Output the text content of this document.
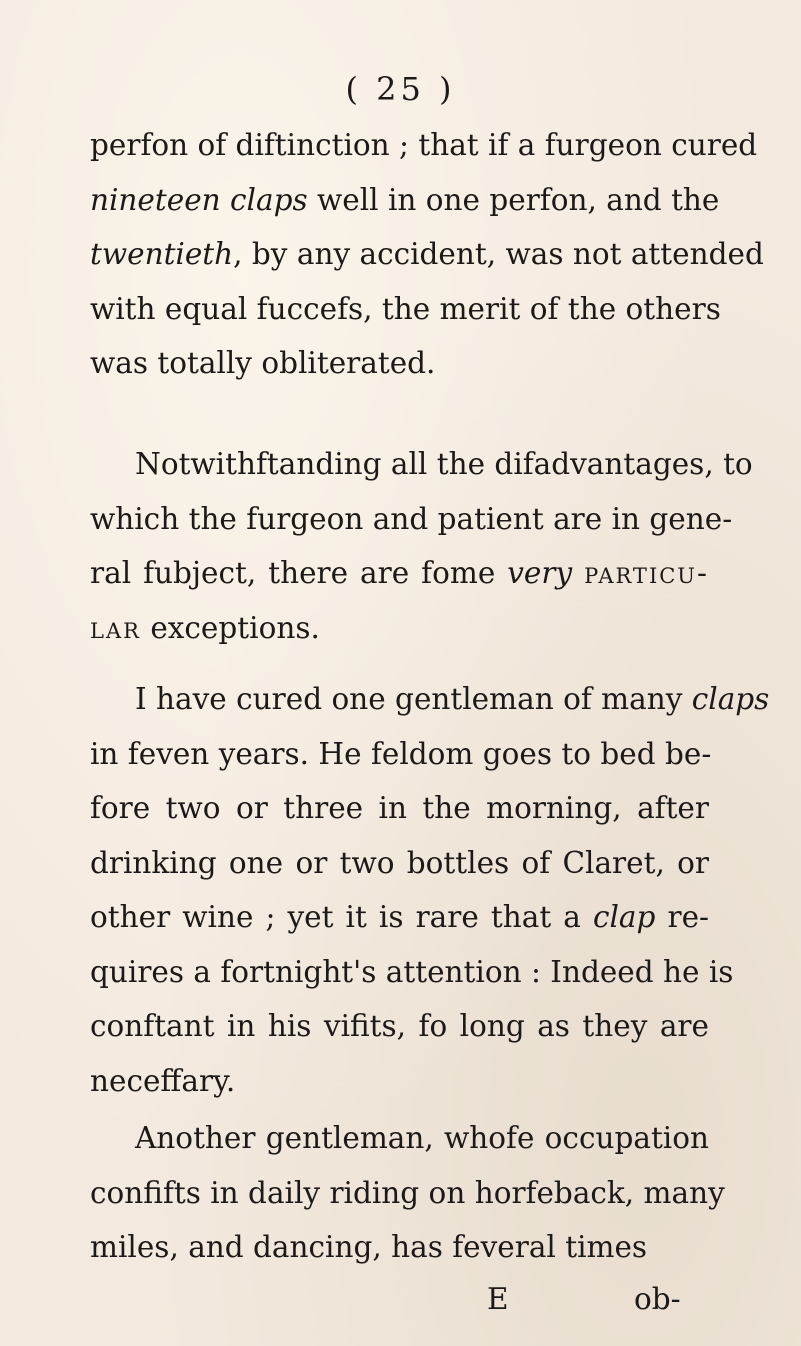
( 25 )
perfon of diftinction ; that if a furgeon cured
nineteen claps well in one perfon, and the
twentieth, by any accident, was not attended
with equal fuccefs, the merit of the others
was totally obliterated.
Notwithftanding all the difadvantages, to
which the furgeon and patient are in gene-
ral fubject, there are fome very particu-
lar exceptions.
I have cured one gentleman of many claps
in feven years. He feldom goes to bed be-
fore two or three in the morning, after
drinking one or two bottles of Claret, or
other wine ; yet it is rare that a clap re-
quires a fortnight's attention : Indeed he is
conftant in his vifits, fo long as they are
neceffary.
Another gentleman, whofe occupation
confifts in daily riding on horfeback, many
miles, and dancing, has feveral times
E	ob-
